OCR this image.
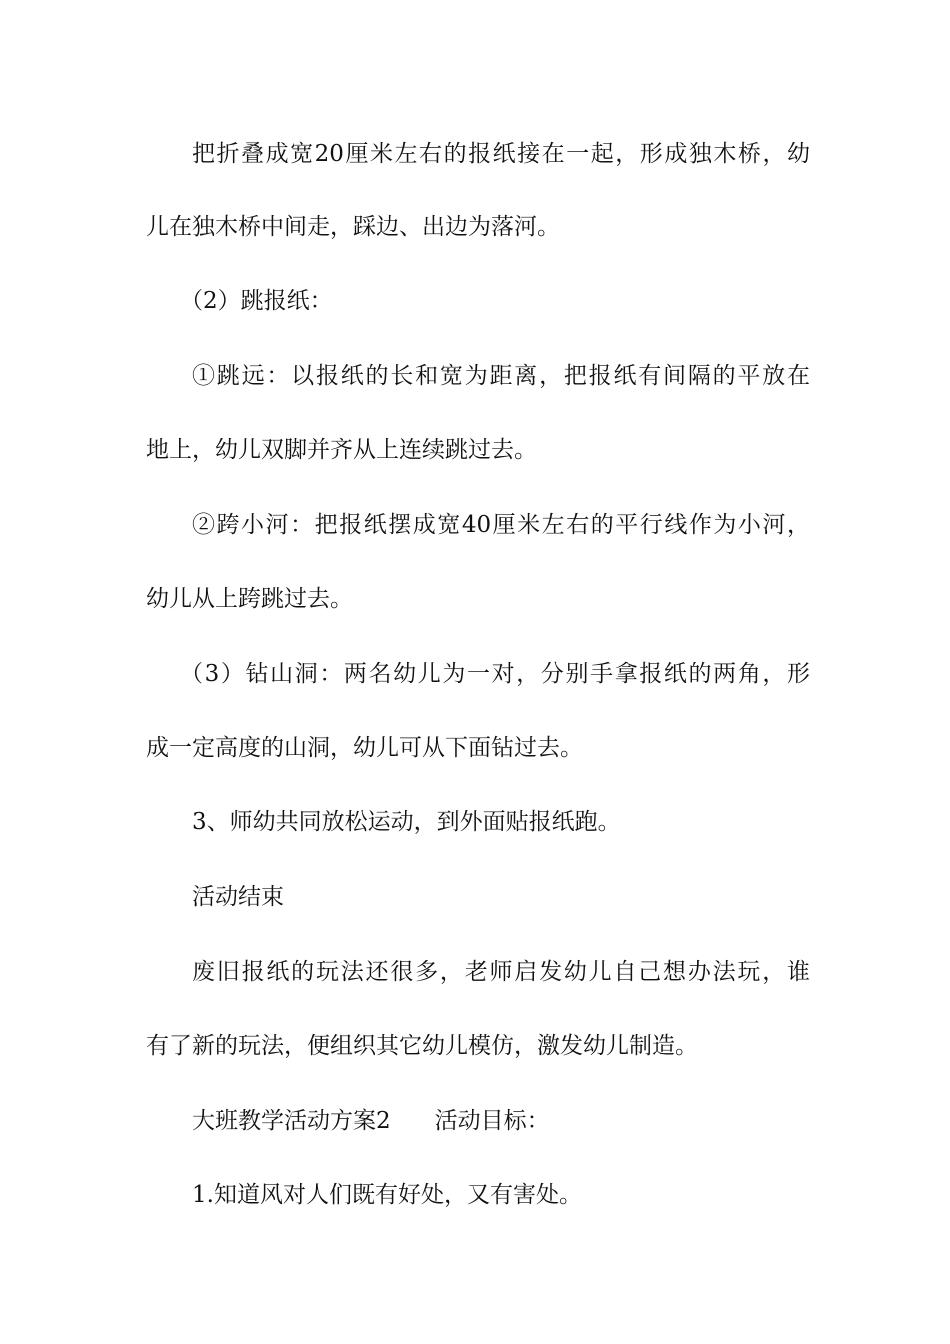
把折叠成宽20厘米左右的报纸接在一起，形成独木桥，幼

儿在独木桥中间走，踩边、出边为落河。

（2）跳报纸：

①跳远：以报纸的长和宽为距离，把报纸有间隔的平放在

地上，幼儿双脚并齐从上连续跳过去。

②跨小河：把报纸摆成宽40厘米左右的平行线作为小河，

幼儿从上跨跳过去。

（3）钻山洞：两名幼儿为一对，分别手拿报纸的两角，形

成一定高度的山洞，幼儿可从下面钻过去。

3、师幼共同放松运动，到外面贴报纸跑。

活动结束

废旧报纸的玩法还很多，老师启发幼儿自己想办法玩，谁

有了新的玩法，便组织其它幼儿模仿，激发幼儿制造。

大班教学活动方案2 活动目标：

1.知道风对人们既有好处，又有害处。
